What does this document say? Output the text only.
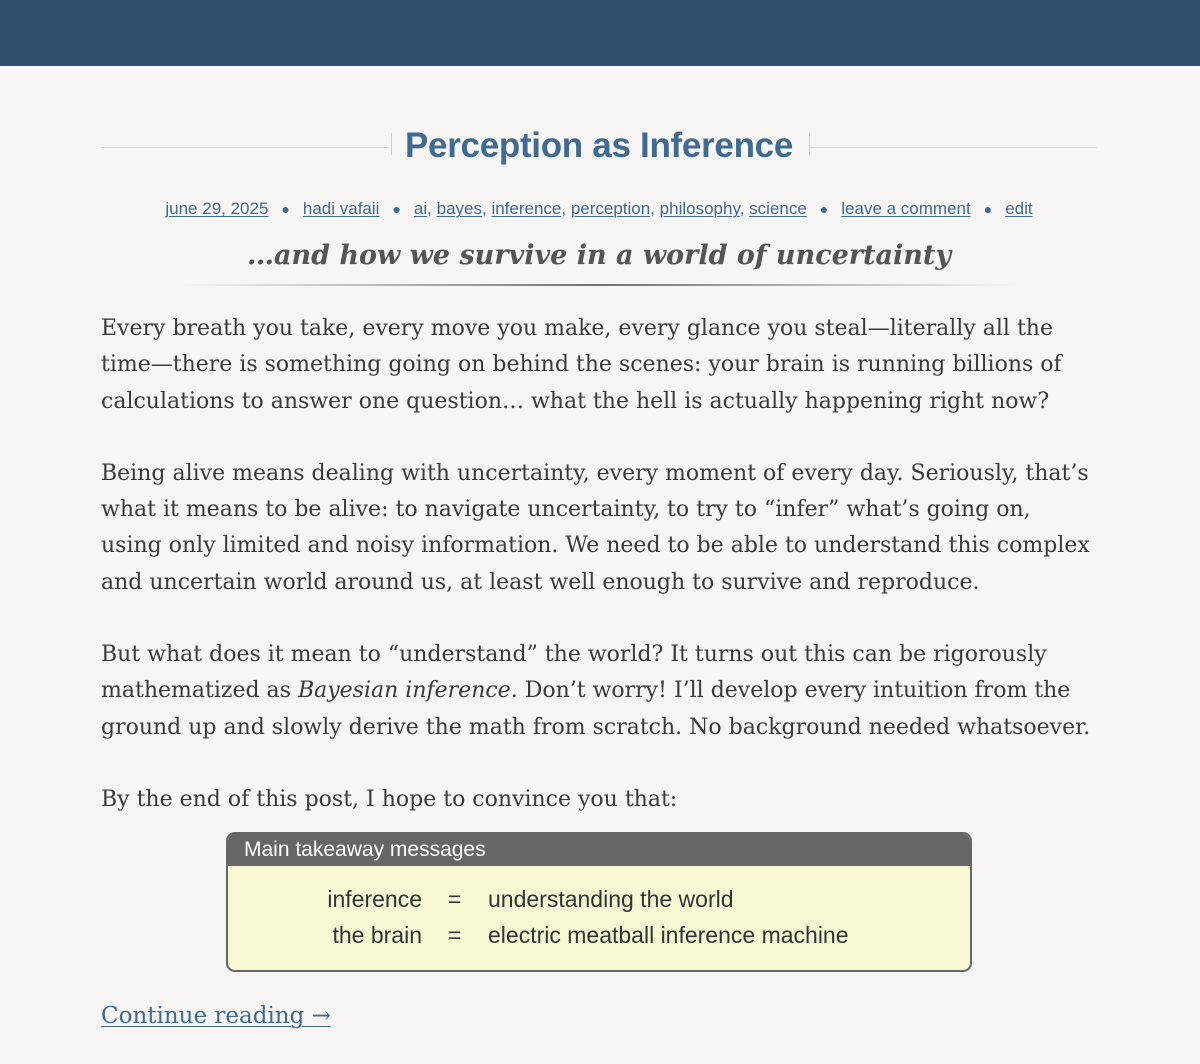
Perception as Inference
june 29, 2025 ● hadi vafaii ● ai, bayes, inference, perception, philosophy, science ● leave a comment ● edit
…and how we survive in a world of uncertainty

Every breath you take, every move you make, every glance you steal—literally all the time—there is something going on behind the scenes: your brain is running billions of calculations to answer one question… what the hell is actually happening right now?

Being alive means dealing with uncertainty, every moment of every day. Seriously, that’s what it means to be alive: to navigate uncertainty, to try to “infer” what’s going on, using only limited and noisy information. We need to be able to understand this complex and uncertain world around us, at least well enough to survive and reproduce.

But what does it mean to “understand” the world? It turns out this can be rigorously mathematized as Bayesian inference. Don’t worry! I’ll develop every intuition from the ground up and slowly derive the math from scratch. No background needed whatsoever.

By the end of this post, I hope to convince you that:

Main takeaway messages
inference = understanding the world
the brain = electric meatball inference machine
Continue reading →
